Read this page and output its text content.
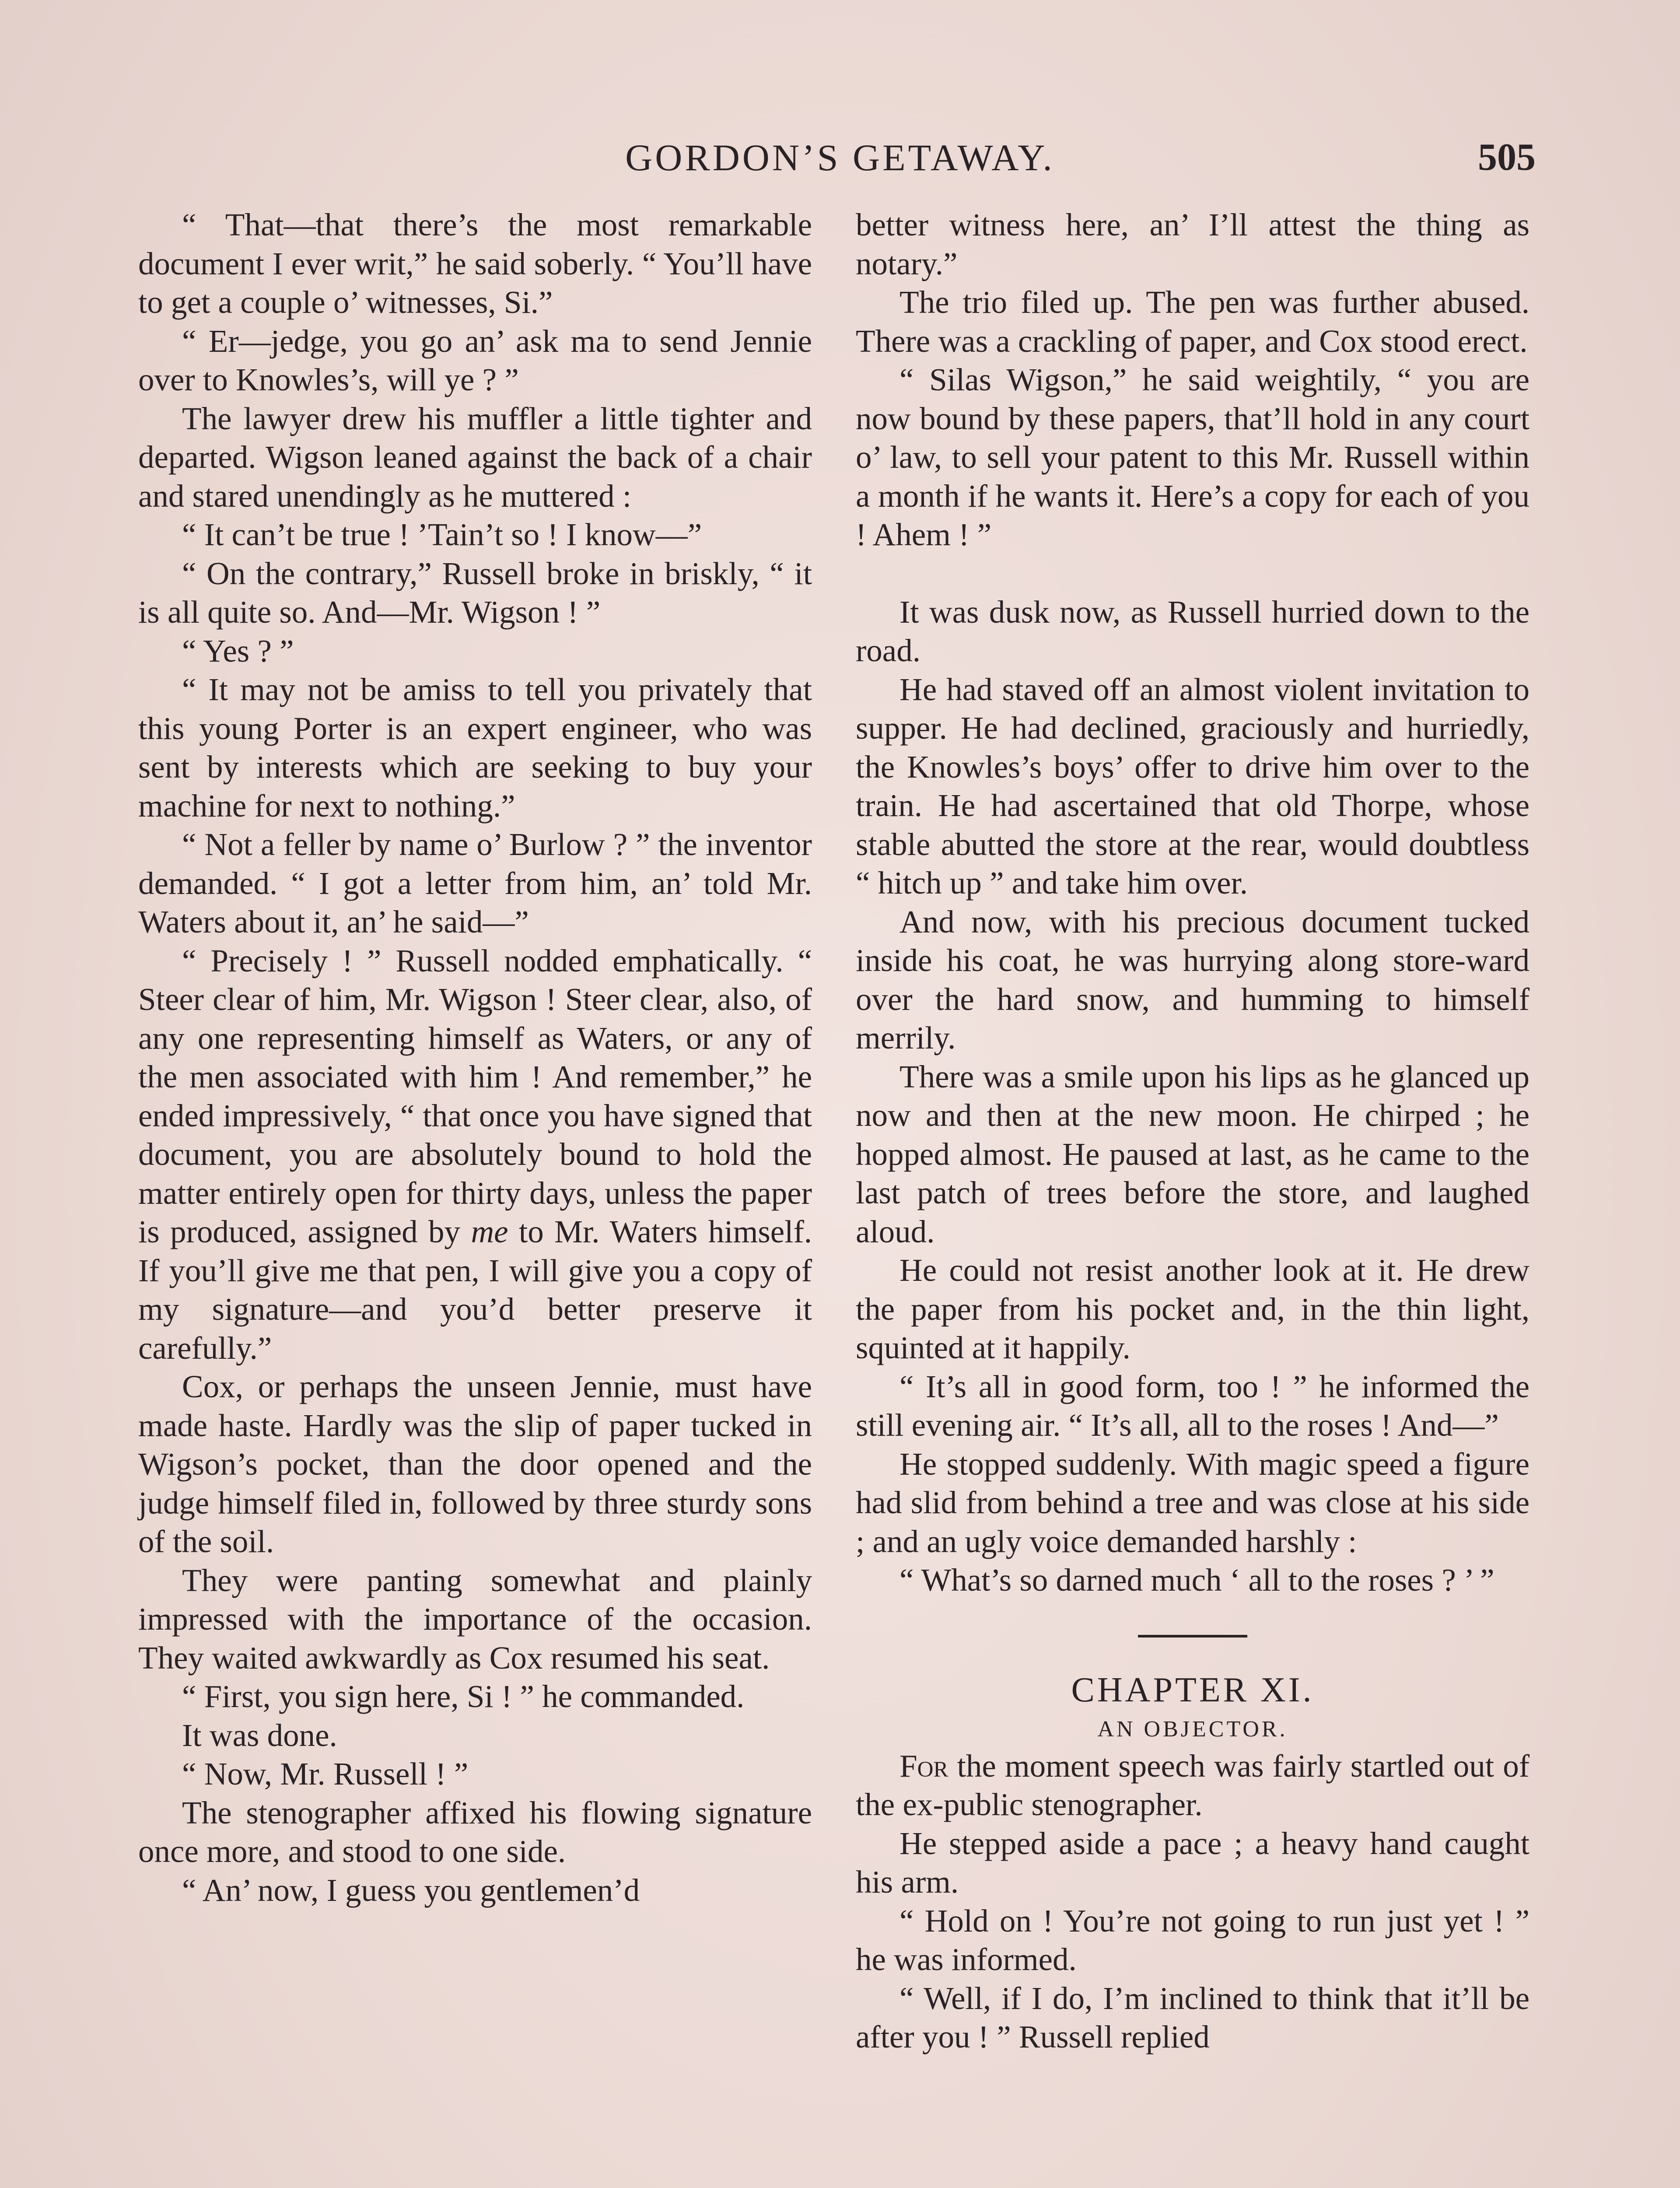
GORDON’S GETAWAY.	505

“ That—that there’s the most remarkable document I ever writ,” he said soberly. “ You’ll have to get a couple o’ witnesses, Si.”

“ Er—jedge, you go an’ ask ma to send Jennie over to Knowles’s, will ye ? ”

The lawyer drew his muffler a little tighter and departed. Wigson leaned against the back of a chair and stared unendingly as he muttered :

“ It can’t be true ! ’Tain’t so ! I know—”

“ On the contrary,” Russell broke in briskly, “ it is all quite so. And—Mr. Wigson ! ”

“ Yes ? ”

“ It may not be amiss to tell you privately that this young Porter is an expert engineer, who was sent by interests which are seeking to buy your machine for next to nothing.”

“ Not a feller by name o’ Burlow ? ” the inventor demanded. “ I got a letter from him, an’ told Mr. Waters about it, an’ he said—”

“ Precisely ! ” Russell nodded emphatically. “ Steer clear of him, Mr. Wigson ! Steer clear, also, of any one representing himself as Waters, or any of the men associated with him ! And remember,” he ended impressively, “ that once you have signed that document, you are absolutely bound to hold the matter entirely open for thirty days, unless the paper is produced, assigned by me to Mr. Waters himself. If you’ll give me that pen, I will give you a copy of my signature—and you’d better preserve it carefully.”

Cox, or perhaps the unseen Jennie, must have made haste. Hardly was the slip of paper tucked in Wigson’s pocket, than the door opened and the judge himself filed in, followed by three sturdy sons of the soil.

They were panting somewhat and plainly impressed with the importance of the occasion. They waited awkwardly as Cox resumed his seat.

“ First, you sign here, Si ! ” he commanded.

It was done.

“ Now, Mr. Russell ! ”

The stenographer affixed his flowing signature once more, and stood to one side.

“ An’ now, I guess you gentlemen’d

better witness here, an’ I’ll attest the thing as notary.”

The trio filed up. The pen was further abused. There was a crackling of paper, and Cox stood erect.

“ Silas Wigson,” he said weightily, “ you are now bound by these papers, that’ll hold in any court o’ law, to sell your patent to this Mr. Russell within a month if he wants it. Here’s a copy for each of you ! Ahem ! ”

It was dusk now, as Russell hurried down to the road.

He had staved off an almost violent invitation to supper. He had declined, graciously and hurriedly, the Knowles’s boys’ offer to drive him over to the train. He had ascertained that old Thorpe, whose stable abutted the store at the rear, would doubtless “ hitch up ” and take him over.

And now, with his precious document tucked inside his coat, he was hurrying along store-ward over the hard snow, and humming to himself merrily.

There was a smile upon his lips as he glanced up now and then at the new moon. He chirped ; he hopped almost. He paused at last, as he came to the last patch of trees before the store, and laughed aloud.

He could not resist another look at it. He drew the paper from his pocket and, in the thin light, squinted at it happily.

“ It’s all in good form, too ! ” he informed the still evening air. “ It’s all, all to the roses ! And—”

He stopped suddenly. With magic speed a figure had slid from behind a tree and was close at his side ; and an ugly voice demanded harshly :

“ What’s so darned much ‘ all to the roses ? ’ ”

CHAPTER XI.

AN OBJECTOR.

For the moment speech was fairly startled out of the ex-public stenographer.

He stepped aside a pace ; a heavy hand caught his arm.

“ Hold on ! You’re not going to run just yet ! ” he was informed.

“ Well, if I do, I’m inclined to think that it’ll be after you ! ” Russell replied
